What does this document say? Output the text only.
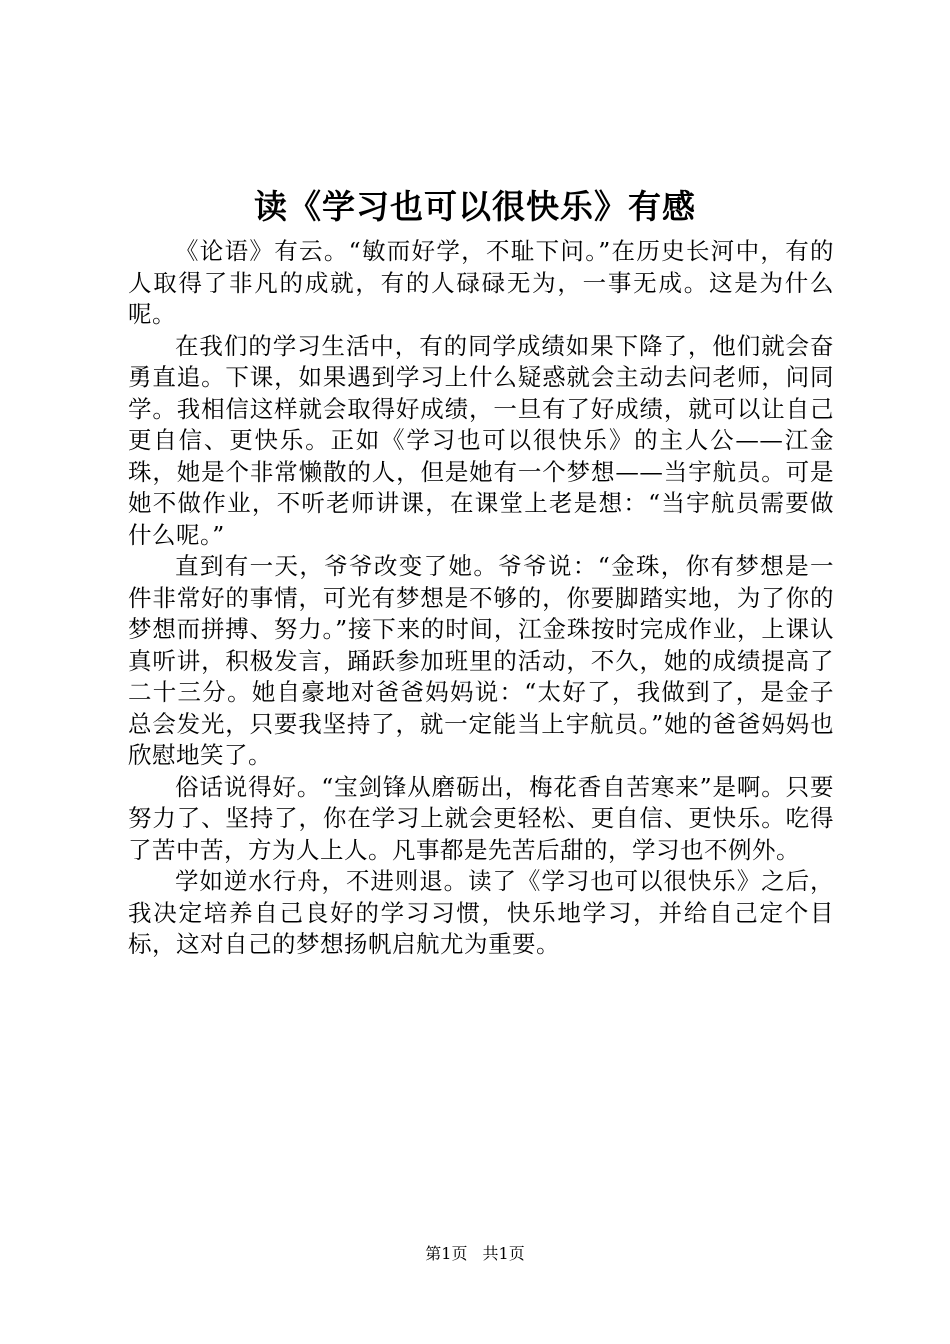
读《学习也可以很快乐》有感

《论语》有云。“敏而好学，不耻下问。”在历史长河中，有的人取得了非凡的成就，有的人碌碌无为，一事无成。这是为什么呢。

在我们的学习生活中，有的同学成绩如果下降了，他们就会奋勇直追。下课，如果遇到学习上什么疑惑就会主动去问老师，问同学。我相信这样就会取得好成绩，一旦有了好成绩，就可以让自己更自信、更快乐。正如《学习也可以很快乐》的主人公——江金珠，她是个非常懒散的人，但是她有一个梦想——当宇航员。可是她不做作业，不听老师讲课，在课堂上老是想：“当宇航员需要做什么呢。”

直到有一天，爷爷改变了她。爷爷说：“金珠，你有梦想是一件非常好的事情，可光有梦想是不够的，你要脚踏实地，为了你的梦想而拼搏、努力。”接下来的时间，江金珠按时完成作业，上课认真听讲，积极发言，踊跃参加班里的活动，不久，她的成绩提高了二十三分。她自豪地对爸爸妈妈说：“太好了，我做到了，是金子总会发光，只要我坚持了，就一定能当上宇航员。”她的爸爸妈妈也欣慰地笑了。

俗话说得好。“宝剑锋从磨砺出，梅花香自苦寒来”是啊。只要努力了、坚持了，你在学习上就会更轻松、更自信、更快乐。吃得了苦中苦，方为人上人。凡事都是先苦后甜的，学习也不例外。

学如逆水行舟，不进则退。读了《学习也可以很快乐》之后，我决定培养自己良好的学习习惯，快乐地学习，并给自己定个目标，这对自己的梦想扬帆启航尤为重要。

第1页 共1页
